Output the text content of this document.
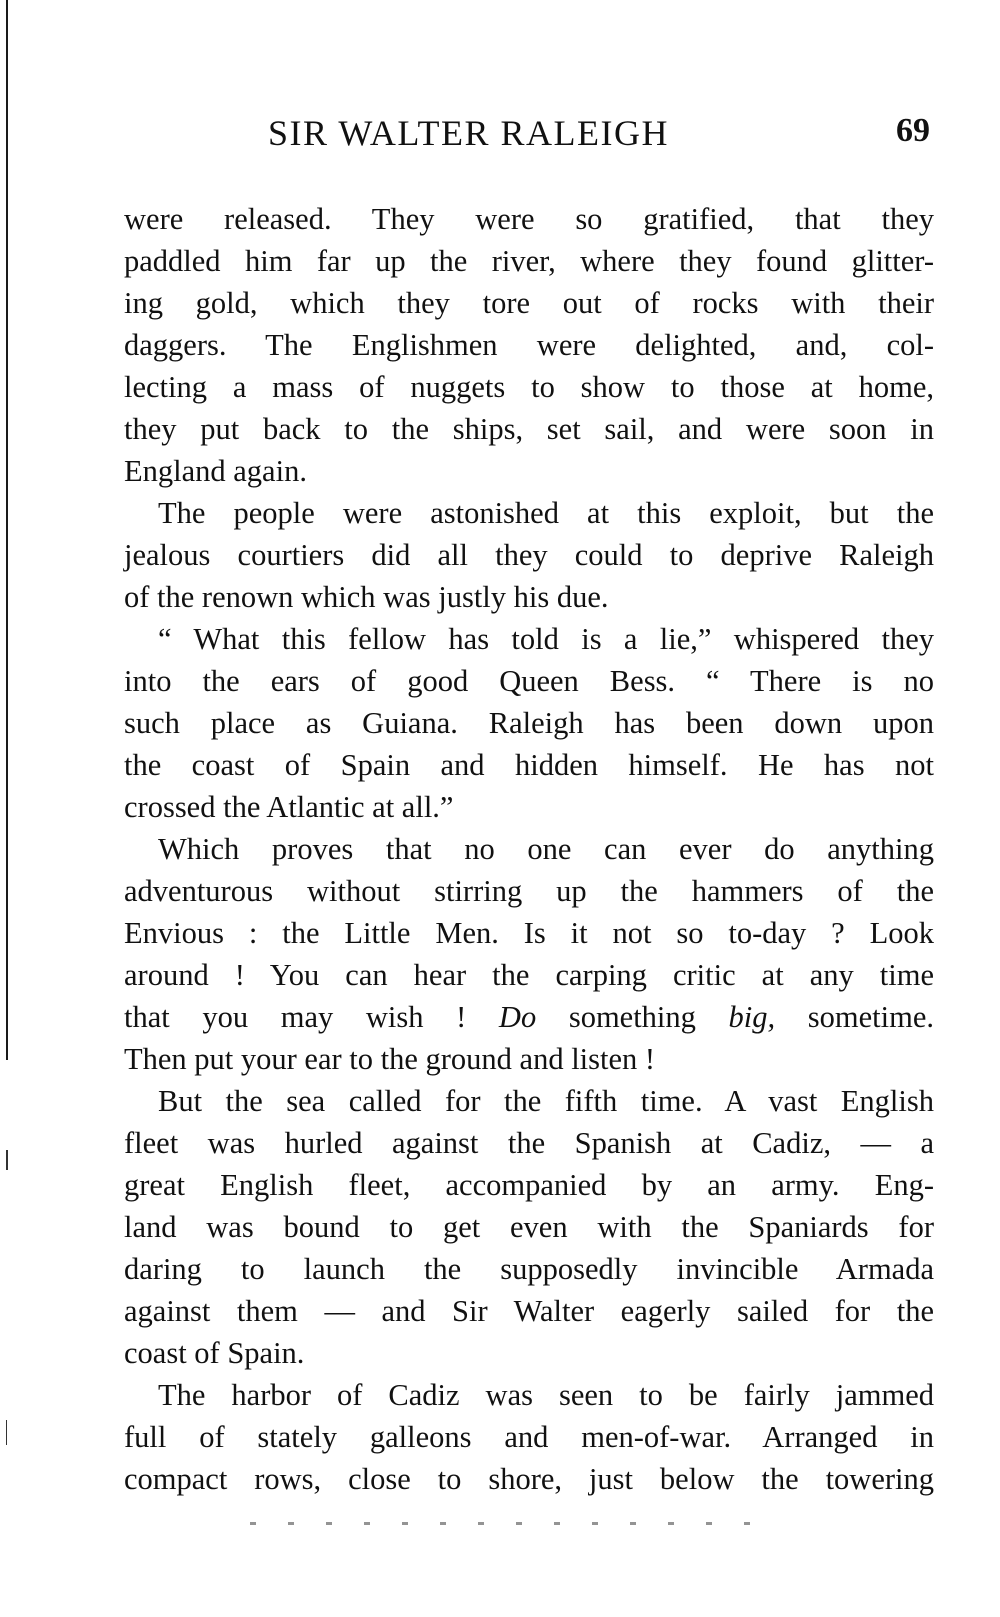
SIR WALTER RALEIGH	69
were released. They were so gratified, that they
paddled him far up the river, where they found glitter-
ing gold, which they tore out of rocks with their
daggers. The Englishmen were delighted, and, col-
lecting a mass of nuggets to show to those at home,
they put back to the ships, set sail, and were soon in
England again.
The people were astonished at this exploit, but the
jealous courtiers did all they could to deprive Raleigh
of the renown which was justly his due.
“ What this fellow has told is a lie,” whispered they
into the ears of good Queen Bess. “ There is no
such place as Guiana. Raleigh has been down upon
the coast of Spain and hidden himself. He has not
crossed the Atlantic at all.”
Which proves that no one can ever do anything
adventurous without stirring up the hammers of the
Envious : the Little Men. Is it not so to-day ? Look
around ! You can hear the carping critic at any time
that you may wish ! Do something big, sometime.
Then put your ear to the ground and listen !
But the sea called for the fifth time. A vast English
fleet was hurled against the Spanish at Cadiz, — a
great English fleet, accompanied by an army. Eng-
land was bound to get even with the Spaniards for
daring to launch the supposedly invincible Armada
against them — and Sir Walter eagerly sailed for the
coast of Spain.
The harbor of Cadiz was seen to be fairly jammed
full of stately galleons and men-of-war. Arranged in
compact rows, close to shore, just below the towering
